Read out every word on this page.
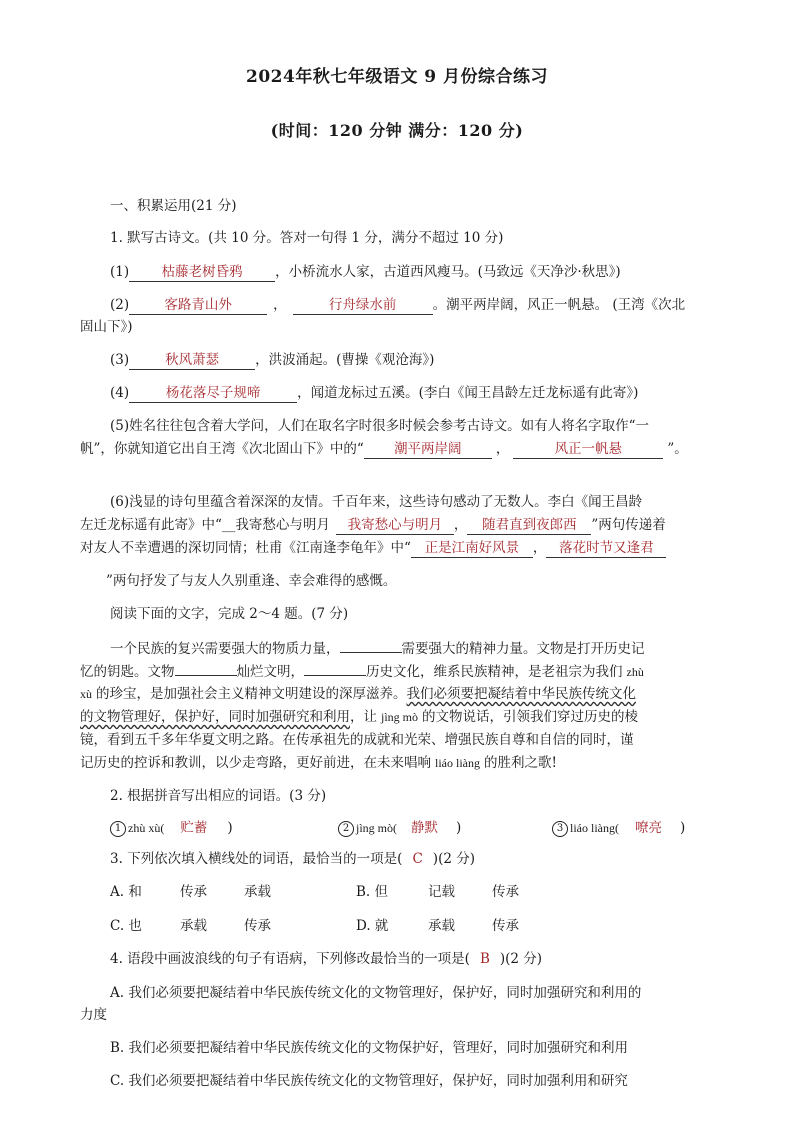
2024年秋七年级语文 9 月份综合练习
(时间：120 分钟 满分：120 分)
一、积累运用(21 分)
1. 默写古诗文。(共 10 分。答对一句得 1 分，满分不超过 10 分)
(1) 枯藤老树昏鸦 ，小桥流水人家，古道西风瘦马。(马致远《天净沙·秋思》)
(2)	客路青山外	，	行舟绿水前	。潮平两岸阔，风正一帆悬。 (王湾《次北
固山下》)
(3)	秋风萧瑟	，洪波涌起。(曹操《观沧海》)
(4)	杨花落尽子规啼	，闻道龙标过五溪。(李白《闻王昌龄左迁龙标遥有此寄》)
(5)姓名往往包含着大学问，人们在取名字时很多时候会参考古诗文。如有人将名字取作“一
帆”，你就知道它出自王湾《次北固山下》中的“ 潮平两岸阔	，	风正一帆悬	”。
(6)浅显的诗句里蕴含着深深的友情。千百年来，这些诗句感动了无数人。李白《闻王昌龄
左迁龙标遥有此寄》中“__我寄愁心与明月 我寄愁心与明月 ， 随君直到夜郎西 ”两句传递着
对友人不幸遭遇的深切同情；杜甫《江南逢李龟年》中“ 正是江南好风景 ， 落花时节又逢君
”两句抒发了与友人久别重逢、幸会难得的感慨。
阅读下面的文字，完成 2～4 题。(7 分)
一个民族的复兴需要强大的物质力量，	需要强大的精神力量。文物是打开历史记
忆的钥匙。文物	灿烂文明，	历史文化，维系民族精神，是老祖宗为我们 zhù
xù 的珍宝，是加强社会主义精神文明建设的深厚滋养。我们必须要把凝结着中华民族传统文化
的文物管理好，保护好，同时加强研究和利用，让 jìng mò 的文物说话，引领我们穿过历史的棱
镜，看到五千多年华夏文明之路。在传承祖先的成就和光荣、增强民族自尊和自信的同时，谨
记历史的控诉和教训，以少走弯路，更好前进，在未来唱响 liáo liàng 的胜利之歌!
2. 根据拼音写出相应的词语。(3 分)
1 zhù xù( 贮蓄 )	2 jìng mò( 静默 )	3 liáo liàng( 嘹亮 )
3. 下列依次填入横线处的词语，最恰当的一项是( C )(2 分)
A. 和	传承	承载	B. 但	记载	传承
C. 也	承载	传承	D. 就	承载	传承
4. 语段中画波浪线的句子有语病，下列修改最恰当的一项是( B )(2 分)
A. 我们必须要把凝结着中华民族传统文化的文物管理好，保护好，同时加强研究和利用的
力度
B. 我们必须要把凝结着中华民族传统文化的文物保护好，管理好，同时加强研究和利用
C. 我们必须要把凝结着中华民族传统文化的文物管理好，保护好，同时加强利用和研究
